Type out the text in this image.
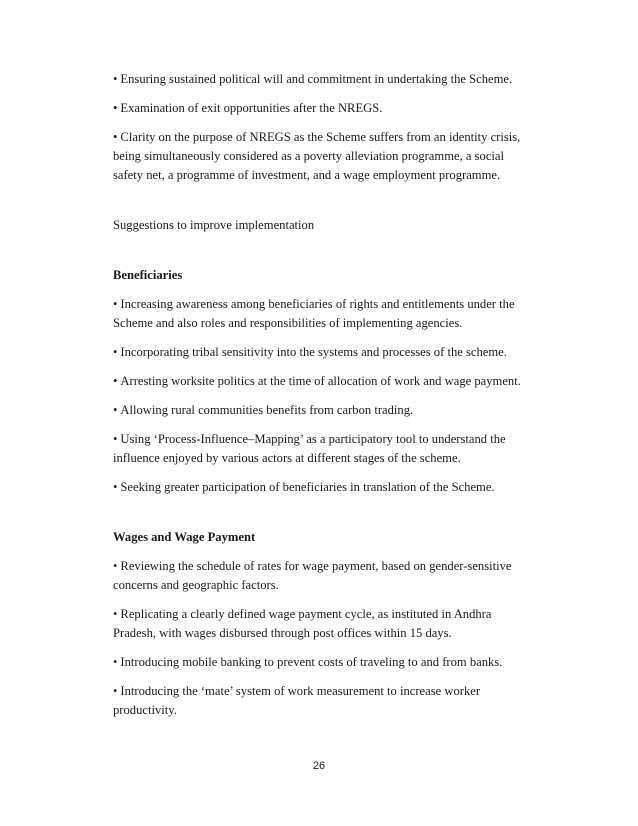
• Ensuring sustained political will and commitment in undertaking the Scheme.

• Examination of exit opportunities after the NREGS.

• Clarity on the purpose of NREGS as the Scheme suffers from an identity crisis, being simultaneously considered as a poverty alleviation programme, a social safety net, a programme of investment, and a wage employment programme.

Suggestions to improve implementation

Beneficiaries

• Increasing awareness among beneficiaries of rights and entitlements under the Scheme and also roles and responsibilities of implementing agencies.

• Incorporating tribal sensitivity into the systems and processes of the scheme.

• Arresting worksite politics at the time of allocation of work and wage payment.

• Allowing rural communities benefits from carbon trading.

• Using ‘Process-Influence–Mapping’ as a participatory tool to understand the influence enjoyed by various actors at different stages of the scheme.

• Seeking greater participation of beneficiaries in translation of the Scheme.

Wages and Wage Payment

• Reviewing the schedule of rates for wage payment, based on gender-sensitive concerns and geographic factors.

• Replicating a clearly defined wage payment cycle, as instituted in Andhra Pradesh, with wages disbursed through post offices within 15 days.

• Introducing mobile banking to prevent costs of traveling to and from banks.

• Introducing the ‘mate’ system of work measurement to increase worker productivity.

26
